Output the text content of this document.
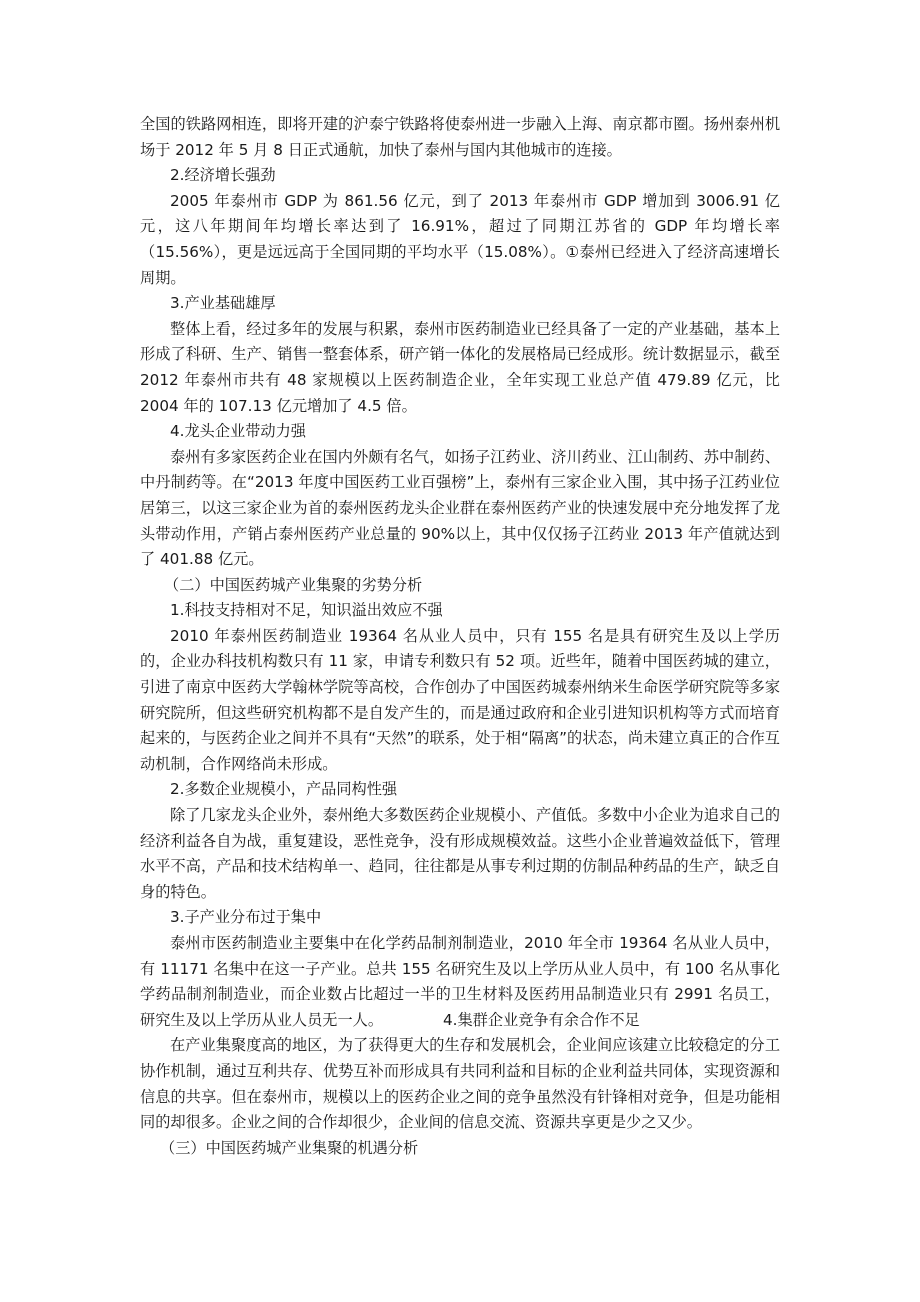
全国的铁路网相连，即将开建的沪泰宁铁路将使泰州进一步融入上海、南京都市圈。扬州泰州机场于 2012 年 5 月 8 日正式通航，加快了泰州与国内其他城市的连接。

2.经济增长强劲

2005 年泰州市 GDP 为 861.56 亿元，到了 2013 年泰州市 GDP 增加到 3006.91 亿元，这八年期间年均增长率达到了 16.91%，超过了同期江苏省的 GDP 年均增长率（15.56%），更是远远高于全国同期的平均水平（15.08%）。①泰州已经进入了经济高速增长周期。

3.产业基础雄厚

整体上看，经过多年的发展与积累，泰州市医药制造业已经具备了一定的产业基础，基本上形成了科研、生产、销售一整套体系，研产销一体化的发展格局已经成形。统计数据显示，截至 2012 年泰州市共有 48 家规模以上医药制造企业，全年实现工业总产值 479.89 亿元，比 2004 年的 107.13 亿元增加了 4.5 倍。

4.龙头企业带动力强

泰州有多家医药企业在国内外颇有名气，如扬子江药业、济川药业、江山制药、苏中制药、中丹制药等。在“2013 年度中国医药工业百强榜”上，泰州有三家企业入围，其中扬子江药业位居第三，以这三家企业为首的泰州医药龙头企业群在泰州医药产业的快速发展中充分地发挥了龙头带动作用，产销占泰州医药产业总量的 90%以上，其中仅仅扬子江药业 2013 年产值就达到了 401.88 亿元。

（二）中国医药城产业集聚的劣势分析

1.科技支持相对不足，知识溢出效应不强

2010 年泰州医药制造业 19364 名从业人员中，只有 155 名是具有研究生及以上学历的，企业办科技机构数只有 11 家，申请专利数只有 52 项。近些年，随着中国医药城的建立，引进了南京中医药大学翰林学院等高校，合作创办了中国医药城泰州纳米生命医学研究院等多家研究院所，但这些研究机构都不是自发产生的，而是通过政府和企业引进知识机构等方式而培育起来的，与医药企业之间并不具有“天然”的联系，处于相“隔离”的状态，尚未建立真正的合作互动机制，合作网络尚未形成。

2.多数企业规模小，产品同构性强

除了几家龙头企业外，泰州绝大多数医药企业规模小、产值低。多数中小企业为追求自己的经济利益各自为战，重复建设，恶性竞争，没有形成规模效益。这些小企业普遍效益低下，管理水平不高，产品和技术结构单一、趋同，往往都是从事专利过期的仿制品种药品的生产，缺乏自身的特色。

3.子产业分布过于集中

泰州市医药制造业主要集中在化学药品制剂制造业，2010 年全市 19364 名从业人员中，有 11171 名集中在这一子产业。总共 155 名研究生及以上学历从业人员中，有 100 名从事化学药品制剂制造业，而企业数占比超过一半的卫生材料及医药用品制造业只有 2991 名员工，研究生及以上学历从业人员无一人。	4.集群企业竞争有余合作不足

在产业集聚度高的地区，为了获得更大的生存和发展机会，企业间应该建立比较稳定的分工协作机制，通过互利共存、优势互补而形成具有共同利益和目标的企业利益共同体，实现资源和信息的共享。但在泰州市，规模以上的医药企业之间的竞争虽然没有针锋相对竞争，但是功能相同的却很多。企业之间的合作却很少，企业间的信息交流、资源共享更是少之又少。

（三）中国医药城产业集聚的机遇分析
